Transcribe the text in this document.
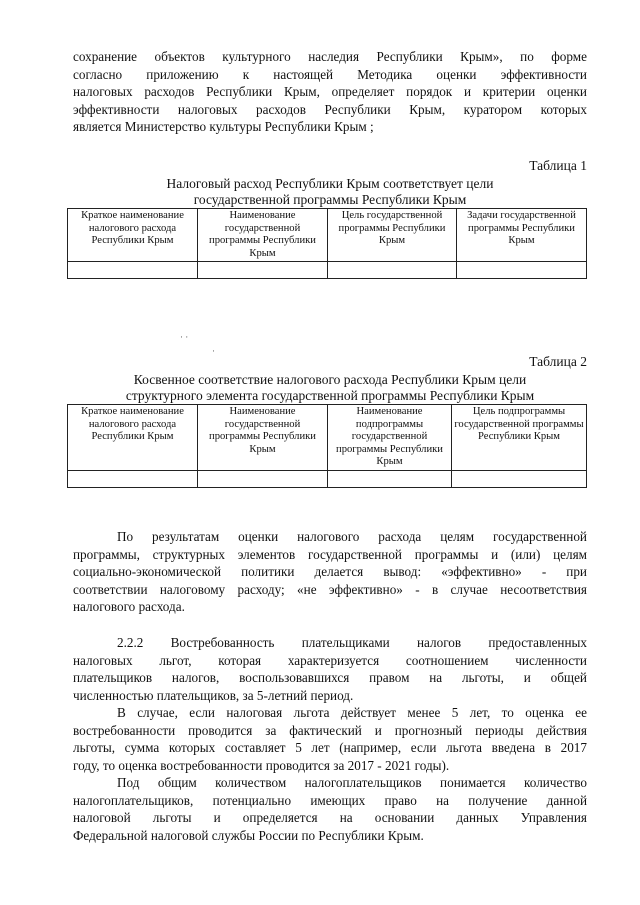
сохранение объектов культурного наследия Республики Крым», по форме
согласно приложению к настоящей Методика оценки эффективности
налоговых расходов Республики Крым, определяет порядок и критерии оценки
эффективности налоговых расходов Республики Крым, куратором которых
является Министерство культуры Республики Крым ;
Таблица 1
Налоговый расход Республики Крым соответствует цели
государственной программы Республики Крым
Краткое наименование налогового расхода Республики Крым	Наименование государственной программы Республики Крым	Цель государственной программы Республики Крым	Задачи государственной программы Республики Крым

· ·
·
Таблица 2
Косвенное соответствие налогового расхода Республики Крым цели
структурного элемента государственной программы Республики Крым
Краткое наименование налогового расхода Республики Крым	Наименование государственной программы Республики Крым	Наименование подпрограммы государственной программы Республики Крым	Цель подпрограммы государственной программы Республики Крым

По результатам оценки налогового расхода целям государственной
программы, структурных элементов государственной программы и (или) целям
социально-экономической политики делается вывод: «эффективно» - при
соответствии налоговому расходу; «не эффективно» - в случае несоответствия
налогового расхода.
2.2.2 Востребованность плательщиками налогов предоставленных
налоговых льгот, которая характеризуется соотношением численности
плательщиков налогов, воспользовавшихся правом на льготы, и общей
численностью плательщиков, за 5-летний период.
В случае, если налоговая льгота действует менее 5 лет, то оценка ее
востребованности проводится за фактический и прогнозный периоды действия
льготы, сумма которых составляет 5 лет (например, если льгота введена в 2017
году, то оценка востребованности проводится за 2017 - 2021 годы).
Под общим количеством налогоплательщиков понимается количество
налогоплательщиков, потенциально имеющих право на получение данной
налоговой льготы и определяется на основании данных Управления
Федеральной налоговой службы России по Республики Крым.
